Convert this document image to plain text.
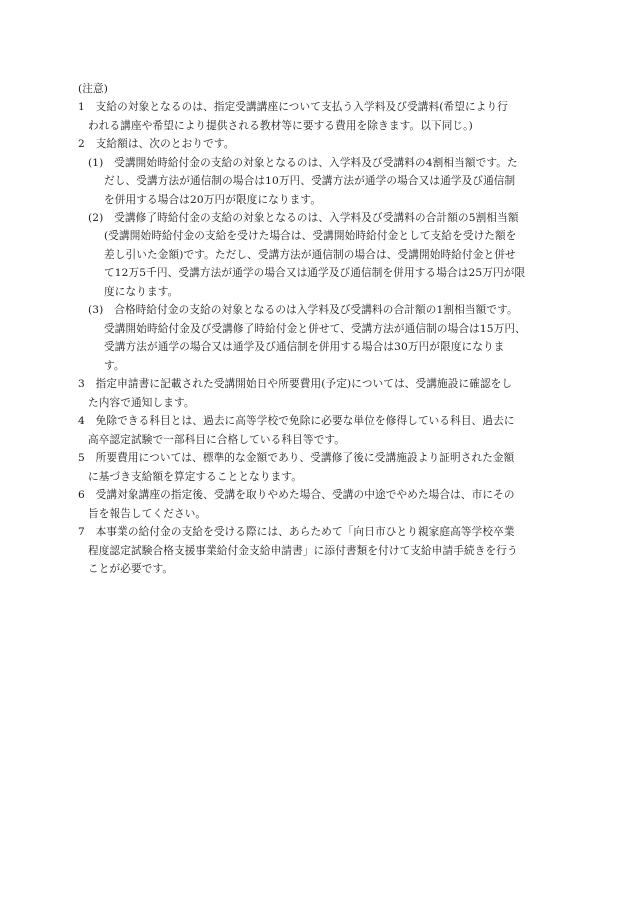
(注意)
1　支給の対象となるのは、指定受講講座について支払う入学料及び受講料(希望により行
われる講座や希望により提供される教材等に要する費用を除きます。以下同じ。)
2　支給額は、次のとおりです。
(1)　受講開始時給付金の支給の対象となるのは、入学料及び受講料の4割相当額です。た
だし、受講方法が通信制の場合は10万円、受講方法が通学の場合又は通学及び通信制
を併用する場合は20万円が限度になります。
(2)　受講修了時給付金の支給の対象となるのは、入学料及び受講料の合計額の5割相当額
(受講開始時給付金の支給を受けた場合は、受講開始時給付金として支給を受けた額を
差し引いた金額)です。ただし、受講方法が通信制の場合は、受講開始時給付金と併せ
て12万5千円、受講方法が通学の場合又は通学及び通信制を併用する場合は25万円が限
度になります。
(3)　合格時給付金の支給の対象となるのは入学料及び受講料の合計額の1割相当額です。
受講開始時給付金及び受講修了時給付金と併せて、受講方法が通信制の場合は15万円、
受講方法が通学の場合又は通学及び通信制を併用する場合は30万円が限度になりま
す。
3　指定申請書に記載された受講開始日や所要費用(予定)については、受講施設に確認をし
た内容で通知します。
4　免除できる科目とは、過去に高等学校で免除に必要な単位を修得している科目、過去に
高卒認定試験で一部科目に合格している科目等です。
5　所要費用については、標準的な金額であり、受講修了後に受講施設より証明された金額
に基づき支給額を算定することとなります。
6　受講対象講座の指定後、受講を取りやめた場合、受講の中途でやめた場合は、市にその
旨を報告してください。
7　本事業の給付金の支給を受ける際には、あらためて「向日市ひとり親家庭高等学校卒業
程度認定試験合格支援事業給付金支給申請書」に添付書類を付けて支給申請手続きを行う
ことが必要です。
